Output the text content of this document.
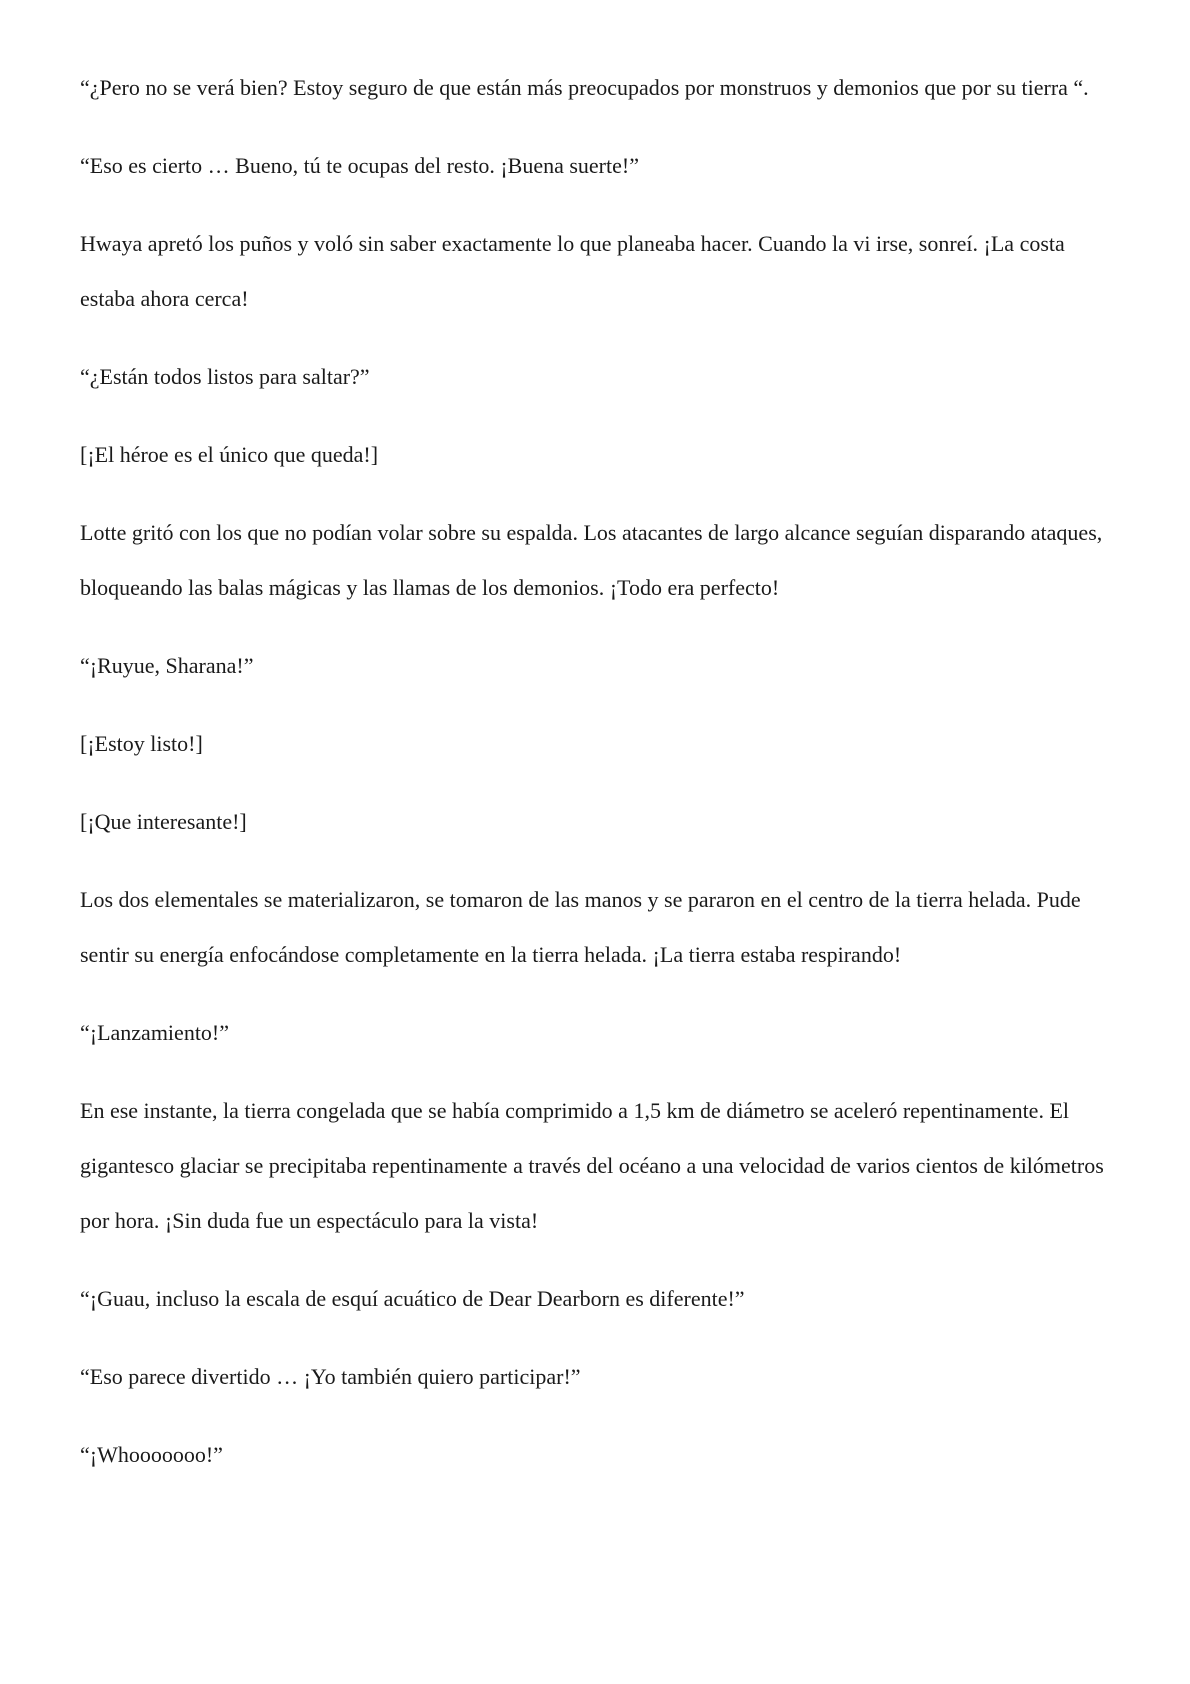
“¿Pero no se verá bien? Estoy seguro de que están más preocupados por monstruos y demonios que por su tierra “.

“Eso es cierto … Bueno, tú te ocupas del resto. ¡Buena suerte!”

Hwaya apretó los puños y voló sin saber exactamente lo que planeaba hacer. Cuando la vi irse, sonreí. ¡La costa estaba ahora cerca!

“¿Están todos listos para saltar?”

[¡El héroe es el único que queda!]

Lotte gritó con los que no podían volar sobre su espalda. Los atacantes de largo alcance seguían disparando ataques, bloqueando las balas mágicas y las llamas de los demonios. ¡Todo era perfecto!

“¡Ruyue, Sharana!”

[¡Estoy listo!]

[¡Que interesante!]

Los dos elementales se materializaron, se tomaron de las manos y se pararon en el centro de la tierra helada. Pude sentir su energía enfocándose completamente en la tierra helada. ¡La tierra estaba respirando!

“¡Lanzamiento!”

En ese instante, la tierra congelada que se había comprimido a 1,5 km de diámetro se aceleró repentinamente. El gigantesco glaciar se precipitaba repentinamente a través del océano a una velocidad de varios cientos de kilómetros por hora. ¡Sin duda fue un espectáculo para la vista!

“¡Guau, incluso la escala de esquí acuático de Dear Dearborn es diferente!”

“Eso parece divertido … ¡Yo también quiero participar!”

“¡Whooooooo!”
